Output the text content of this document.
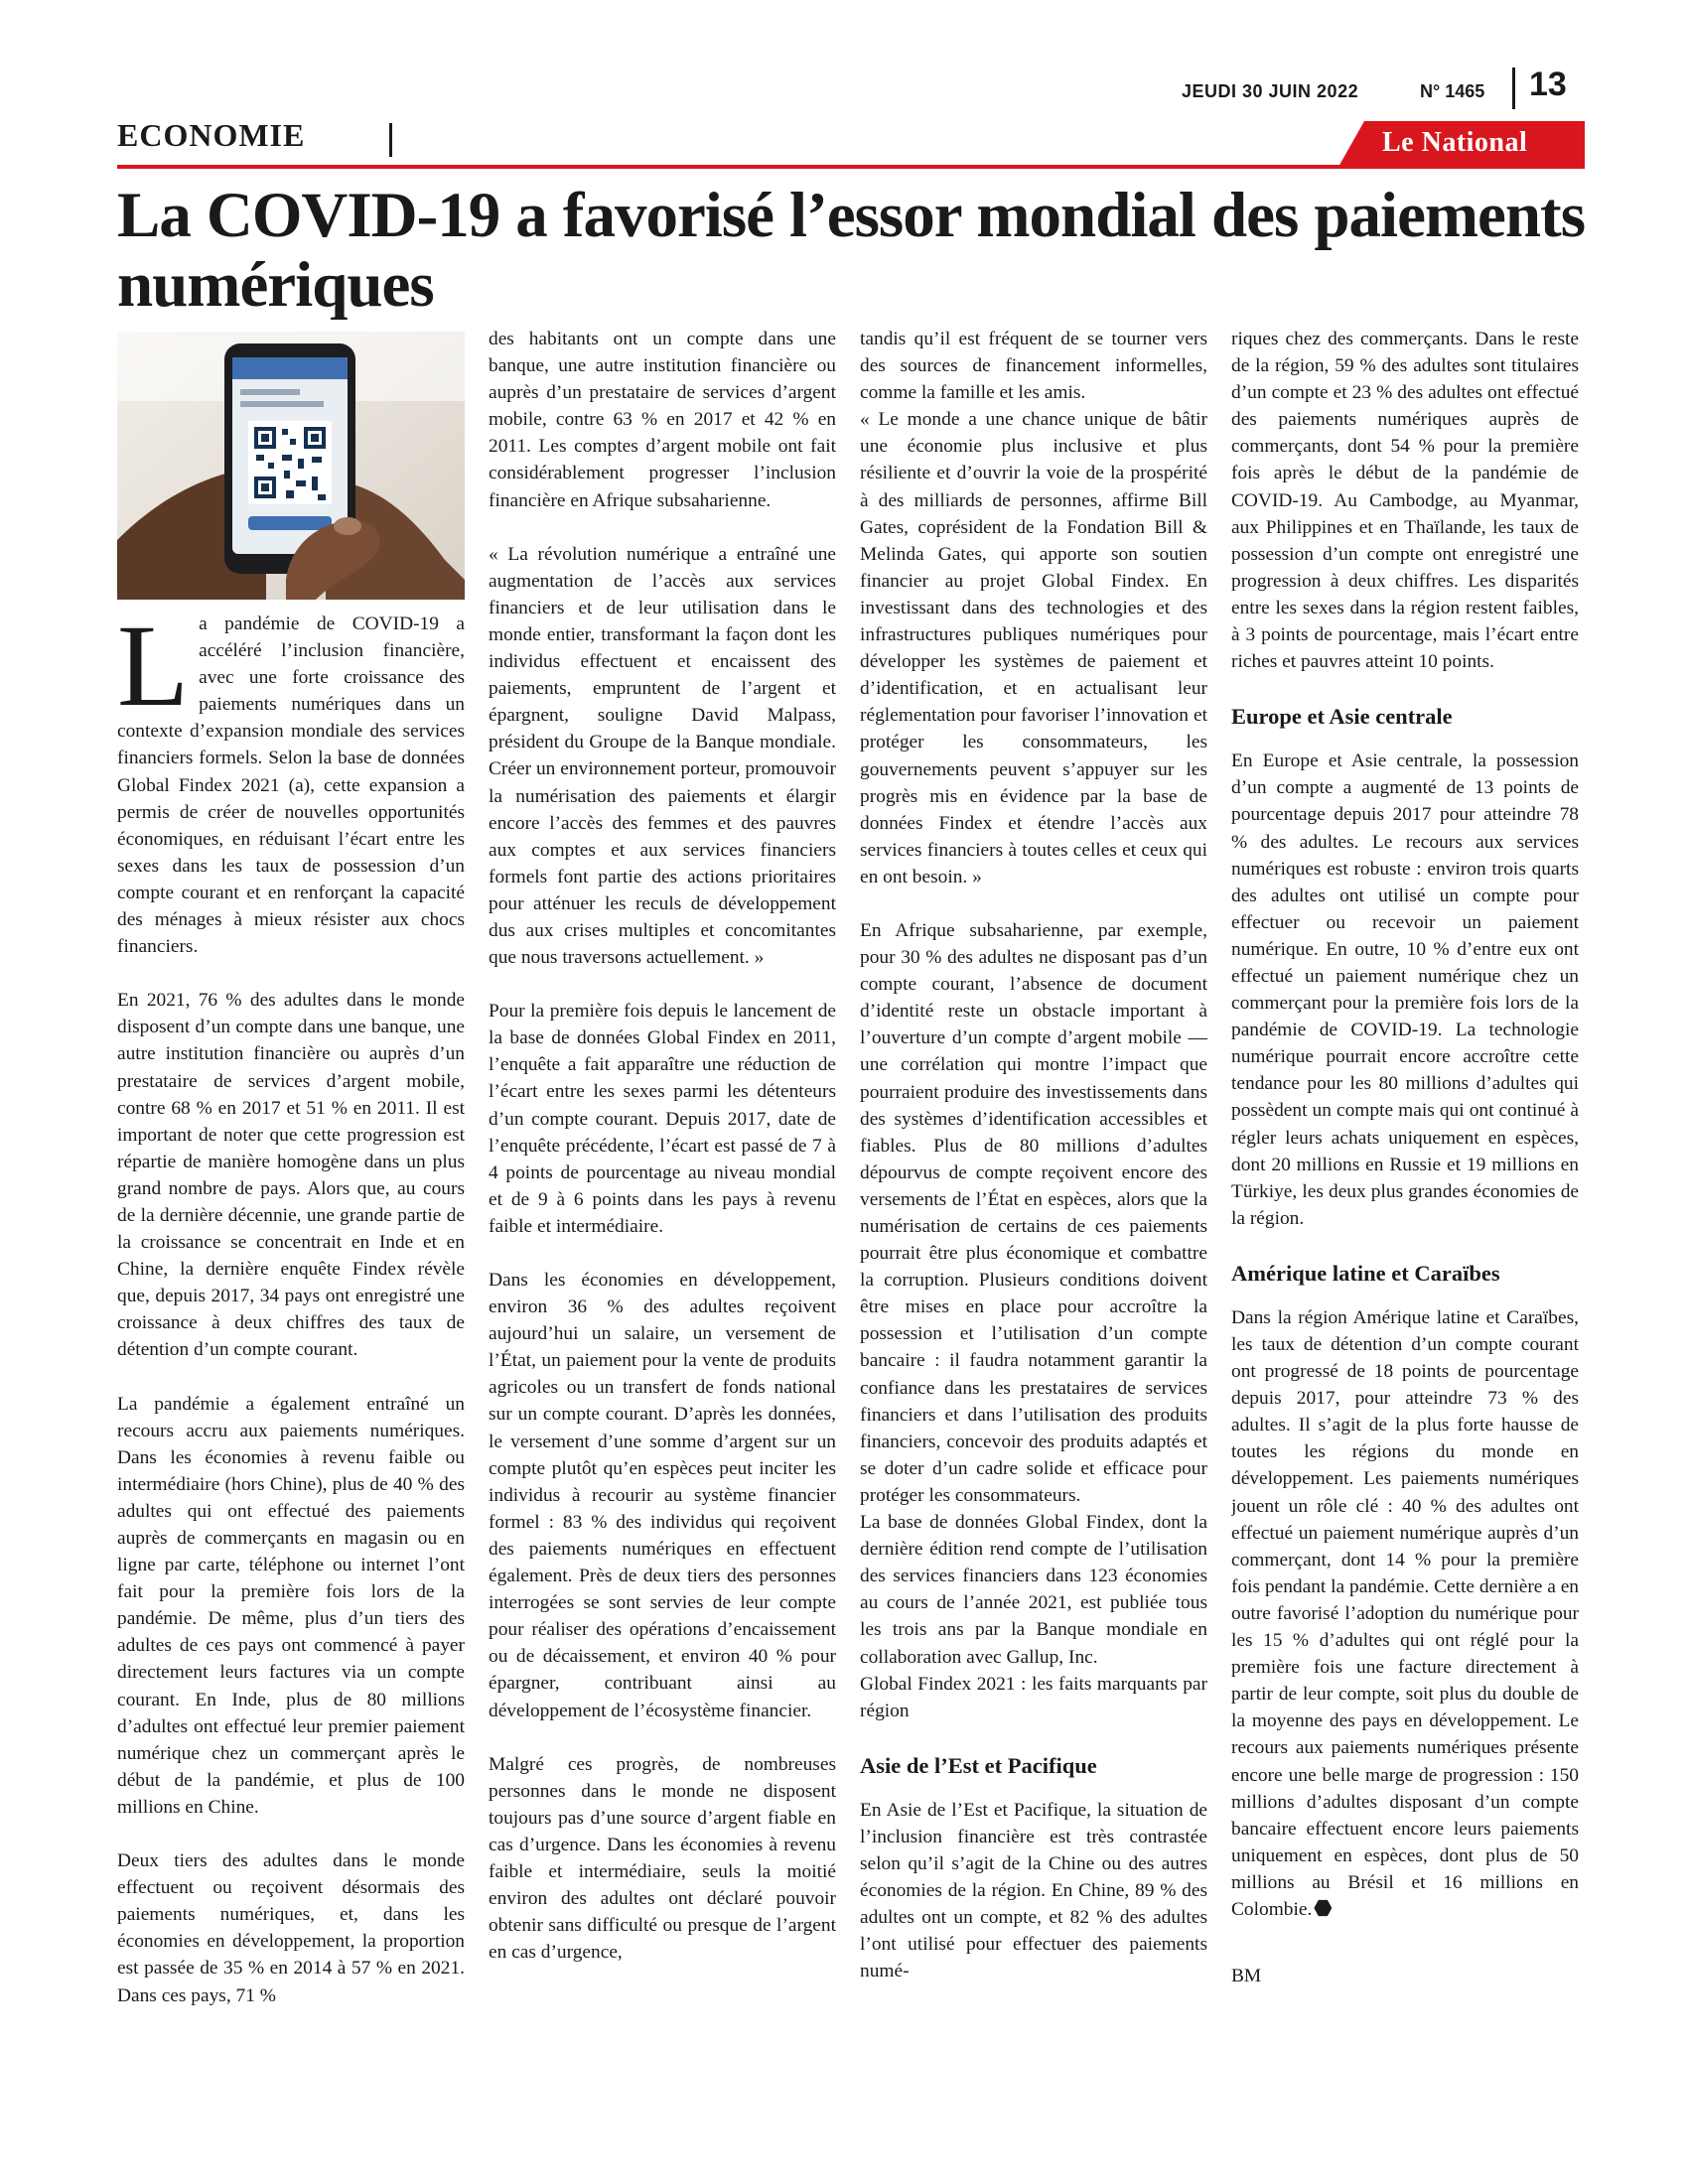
JEUDI 30 JUIN 2022	N° 1465 13
ECONOMIE	Le National
La COVID-19 a favorisé l’essor mondial des paiements numériques

La pandémie de COVID-19 a accéléré l’inclusion financière, avec une forte croissance des paiements numériques dans un contexte d’expansion mondiale des services financiers formels. Selon la base de données Global Findex 2021 (a), cette expansion a permis de créer de nouvelles opportunités économiques, en réduisant l’écart entre les sexes dans les taux de possession d’un compte courant et en renforçant la capacité des ménages à mieux résister aux chocs financiers.

En 2021, 76 % des adultes dans le monde disposent d’un compte dans une banque, une autre institution financière ou auprès d’un prestataire de services d’argent mobile, contre 68 % en 2017 et 51 % en 2011. Il est important de noter que cette progression est répartie de manière homogène dans un plus grand nombre de pays. Alors que, au cours de la dernière décennie, une grande partie de la croissance se concentrait en Inde et en Chine, la dernière enquête Findex révèle que, depuis 2017, 34 pays ont enregistré une croissance à deux chiffres des taux de détention d’un compte courant.

La pandémie a également entraîné un recours accru aux paiements numériques. Dans les économies à revenu faible ou intermédiaire (hors Chine), plus de 40 % des adultes qui ont effectué des paiements auprès de commerçants en magasin ou en ligne par carte, téléphone ou internet l’ont fait pour la première fois lors de la pandémie. De même, plus d’un tiers des adultes de ces pays ont commencé à payer directement leurs factures via un compte courant. En Inde, plus de 80 millions d’adultes ont effectué leur premier paiement numérique chez un commerçant après le début de la pandémie, et plus de 100 millions en Chine.

Deux tiers des adultes dans le monde effectuent ou reçoivent désormais des paiements numériques, et, dans les économies en développement, la proportion est passée de 35 % en 2014 à 57 % en 2021. Dans ces pays, 71 %

des habitants ont un compte dans une banque, une autre institution financière ou auprès d’un prestataire de services d’argent mobile, contre 63 % en 2017 et 42 % en 2011. Les comptes d’argent mobile ont fait considérablement progresser l’inclusion financière en Afrique subsaharienne.

« La révolution numérique a entraîné une augmentation de l’accès aux services financiers et de leur utilisation dans le monde entier, transformant la façon dont les individus effectuent et encaissent des paiements, empruntent de l’argent et épargnent, souligne David Malpass, président du Groupe de la Banque mondiale. Créer un environnement porteur, promouvoir la numérisation des paiements et élargir encore l’accès des femmes et des pauvres aux comptes et aux services financiers formels font partie des actions prioritaires pour atténuer les reculs de développement dus aux crises multiples et concomitantes que nous traversons actuellement. »

Pour la première fois depuis le lancement de la base de données Global Findex en 2011, l’enquête a fait apparaître une réduction de l’écart entre les sexes parmi les détenteurs d’un compte courant. Depuis 2017, date de l’enquête précédente, l’écart est passé de 7 à 4 points de pourcentage au niveau mondial et de 9 à 6 points dans les pays à revenu faible et intermédiaire.

Dans les économies en développement, environ 36 % des adultes reçoivent aujourd’hui un salaire, un versement de l’État, un paiement pour la vente de produits agricoles ou un transfert de fonds national sur un compte courant. D’après les données, le versement d’une somme d’argent sur un compte plutôt qu’en espèces peut inciter les individus à recourir au système financier formel : 83 % des individus qui reçoivent des paiements numériques en effectuent également. Près de deux tiers des personnes interrogées se sont servies de leur compte pour réaliser des opérations d’encaissement ou de décaissement, et environ 40 % pour épargner, contribuant ainsi au développement de l’écosystème financier.

Malgré ces progrès, de nombreuses personnes dans le monde ne disposent toujours pas d’une source d’argent fiable en cas d’urgence. Dans les économies à revenu faible et intermédiaire, seuls la moitié environ des adultes ont déclaré pouvoir obtenir sans difficulté ou presque de l’argent en cas d’urgence,

tandis qu’il est fréquent de se tourner vers des sources de financement informelles, comme la famille et les amis.

« Le monde a une chance unique de bâtir une économie plus inclusive et plus résiliente et d’ouvrir la voie de la prospérité à des milliards de personnes, affirme Bill Gates, coprésident de la Fondation Bill & Melinda Gates, qui apporte son soutien financier au projet Global Findex. En investissant dans des technologies et des infrastructures publiques numériques pour développer les systèmes de paiement et d’identification, et en actualisant leur réglementation pour favoriser l’innovation et protéger les consommateurs, les gouvernements peuvent s’appuyer sur les progrès mis en évidence par la base de données Findex et étendre l’accès aux services financiers à toutes celles et ceux qui en ont besoin. »

En Afrique subsaharienne, par exemple, pour 30 % des adultes ne disposant pas d’un compte courant, l’absence de document d’identité reste un obstacle important à l’ouverture d’un compte d’argent mobile — une corrélation qui montre l’impact que pourraient produire des investissements dans des systèmes d’identification accessibles et fiables. Plus de 80 millions d’adultes dépourvus de compte reçoivent encore des versements de l’État en espèces, alors que la numérisation de certains de ces paiements pourrait être plus économique et combattre la corruption. Plusieurs conditions doivent être mises en place pour accroître la possession et l’utilisation d’un compte bancaire : il faudra notamment garantir la confiance dans les prestataires de services financiers et dans l’utilisation des produits financiers, concevoir des produits adaptés et se doter d’un cadre solide et efficace pour protéger les consommateurs.

La base de données Global Findex, dont la dernière édition rend compte de l’utilisation des services financiers dans 123 économies au cours de l’année 2021, est publiée tous les trois ans par la Banque mondiale en collaboration avec Gallup, Inc.

Global Findex 2021 : les faits marquants par région

Asie de l’Est et Pacifique

En Asie de l’Est et Pacifique, la situation de l’inclusion financière est très contrastée selon qu’il s’agit de la Chine ou des autres économies de la région. En Chine, 89 % des adultes ont un compte, et 82 % des adultes l’ont utilisé pour effectuer des paiements numé-

riques chez des commerçants. Dans le reste de la région, 59 % des adultes sont titulaires d’un compte et 23 % des adultes ont effectué des paiements numériques auprès de commerçants, dont 54 % pour la première fois après le début de la pandémie de COVID-19. Au Cambodge, au Myanmar, aux Philippines et en Thaïlande, les taux de possession d’un compte ont enregistré une progression à deux chiffres. Les disparités entre les sexes dans la région restent faibles, à 3 points de pourcentage, mais l’écart entre riches et pauvres atteint 10 points.

Europe et Asie centrale

En Europe et Asie centrale, la possession d’un compte a augmenté de 13 points de pourcentage depuis 2017 pour atteindre 78 % des adultes. Le recours aux services numériques est robuste : environ trois quarts des adultes ont utilisé un compte pour effectuer ou recevoir un paiement numérique. En outre, 10 % d’entre eux ont effectué un paiement numérique chez un commerçant pour la première fois lors de la pandémie de COVID-19. La technologie numérique pourrait encore accroître cette tendance pour les 80 millions d’adultes qui possèdent un compte mais qui ont continué à régler leurs achats uniquement en espèces, dont 20 millions en Russie et 19 millions en Türkiye, les deux plus grandes économies de la région.

Amérique latine et Caraïbes

Dans la région Amérique latine et Caraïbes, les taux de détention d’un compte courant ont progressé de 18 points de pourcentage depuis 2017, pour atteindre 73 % des adultes. Il s’agit de la plus forte hausse de toutes les régions du monde en développement. Les paiements numériques jouent un rôle clé : 40 % des adultes ont effectué un paiement numérique auprès d’un commerçant, dont 14 % pour la première fois pendant la pandémie. Cette dernière a en outre favorisé l’adoption du numérique pour les 15 % d’adultes qui ont réglé pour la première fois une facture directement à partir de leur compte, soit plus du double de la moyenne des pays en développement. Le recours aux paiements numériques présente encore une belle marge de progression : 150 millions d’adultes disposant d’un compte bancaire effectuent encore leurs paiements uniquement en espèces, dont plus de 50 millions au Brésil et 16 millions en Colombie.

BM
